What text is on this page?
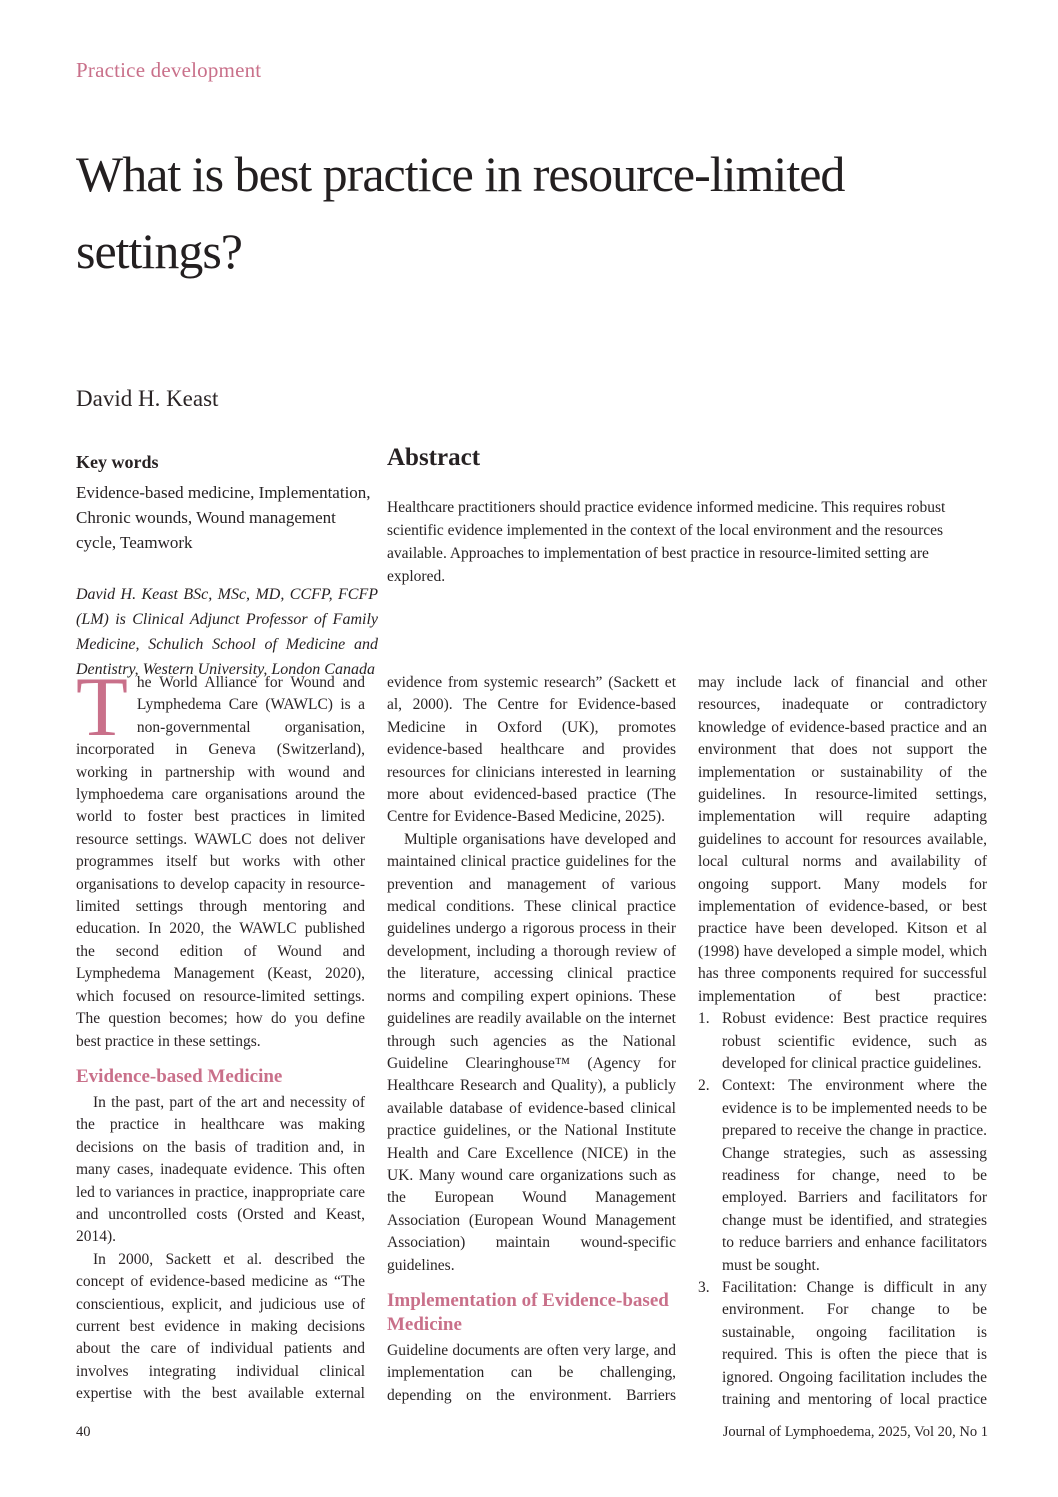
Practice development
What is best practice in resource-limited
settings?
David H. Keast
Key words

Evidence-based medicine, Implementation, Chronic wounds, Wound management cycle, Teamwork

David H. Keast BSc, MSc, MD, CCFP, FCFP (LM) is Clinical Adjunct Professor of Family Medicine, Schulich School of Medicine and Dentistry, Western University, London Canada

Abstract

Healthcare practitioners should practice evidence informed medicine. This requires robust scientific evidence implemented in the context of the local environment and the resources available. Approaches to implementation of best practice in resource-limited setting are explored.

The World Alliance for Wound and Lymphedema Care (WAWLC) is a non-governmental organisation, incorporated in Geneva (Switzerland), working in partnership with wound and lymphoedema care organisations around the world to foster best practices in limited resource settings. WAWLC does not deliver programmes itself but works with other organisations to develop capacity in resource-limited settings through mentoring and education. In 2020, the WAWLC published the second edition of Wound and Lymphedema Management (Keast, 2020), which focused on resource-limited settings. The question becomes; how do you define best practice in these settings.

Evidence-based Medicine

In the past, part of the art and necessity of the practice in healthcare was making decisions on the basis of tradition and, in many cases, inadequate evidence. This often led to variances in practice, inappropriate care and uncontrolled costs (Orsted and Keast, 2014).

In 2000, Sackett et al. described the concept of evidence-based medicine as “The conscientious, explicit, and judicious use of current best evidence in making decisions about the care of individual patients and involves integrating individual clinical expertise with the best available external

evidence from systemic research” (Sackett et al, 2000). The Centre for Evidence-based Medicine in Oxford (UK), promotes evidence-based healthcare and provides resources for clinicians interested in learning more about evidenced-based practice (The Centre for Evidence-Based Medicine, 2025).

Multiple organisations have developed and maintained clinical practice guidelines for the prevention and management of various medical conditions. These clinical practice guidelines undergo a rigorous process in their development, including a thorough review of the literature, accessing clinical practice norms and compiling expert opinions. These guidelines are readily available on the internet through such agencies as the National Guideline Clearinghouse™ (Agency for Healthcare Research and Quality), a publicly available database of evidence-based clinical practice guidelines, or the National Institute Health and Care Excellence (NICE) in the UK. Many wound care organizations such as the European Wound Management Association (European Wound Management Association) maintain wound-specific guidelines.

Implementation of Evidence-based Medicine

Guideline documents are often very large, and implementation can be challenging, depending on the environment. Barriers

may include lack of financial and other resources, inadequate or contradictory knowledge of evidence-based practice and an environment that does not support the implementation or sustainability of the guidelines. In resource-limited settings, implementation will require adapting guidelines to account for resources available, local cultural norms and availability of ongoing support. Many models for implementation of evidence-based, or best practice have been developed. Kitson et al (1998) have developed a simple model, which has three components required for successful implementation of best practice:

1. Robust evidence: Best practice requires robust scientific evidence, such as developed for clinical practice guidelines.
2. Context: The environment where the evidence is to be implemented needs to be prepared to receive the change in practice. Change strategies, such as assessing readiness for change, need to be employed. Barriers and facilitators for change must be identified, and strategies to reduce barriers and enhance facilitators must be sought.
3. Facilitation: Change is difficult in any environment. For change to be sustainable, ongoing facilitation is required. This is often the piece that is ignored. Ongoing facilitation includes the training and mentoring of local practice
40	Journal of Lymphoedema, 2025, Vol 20, No 1
